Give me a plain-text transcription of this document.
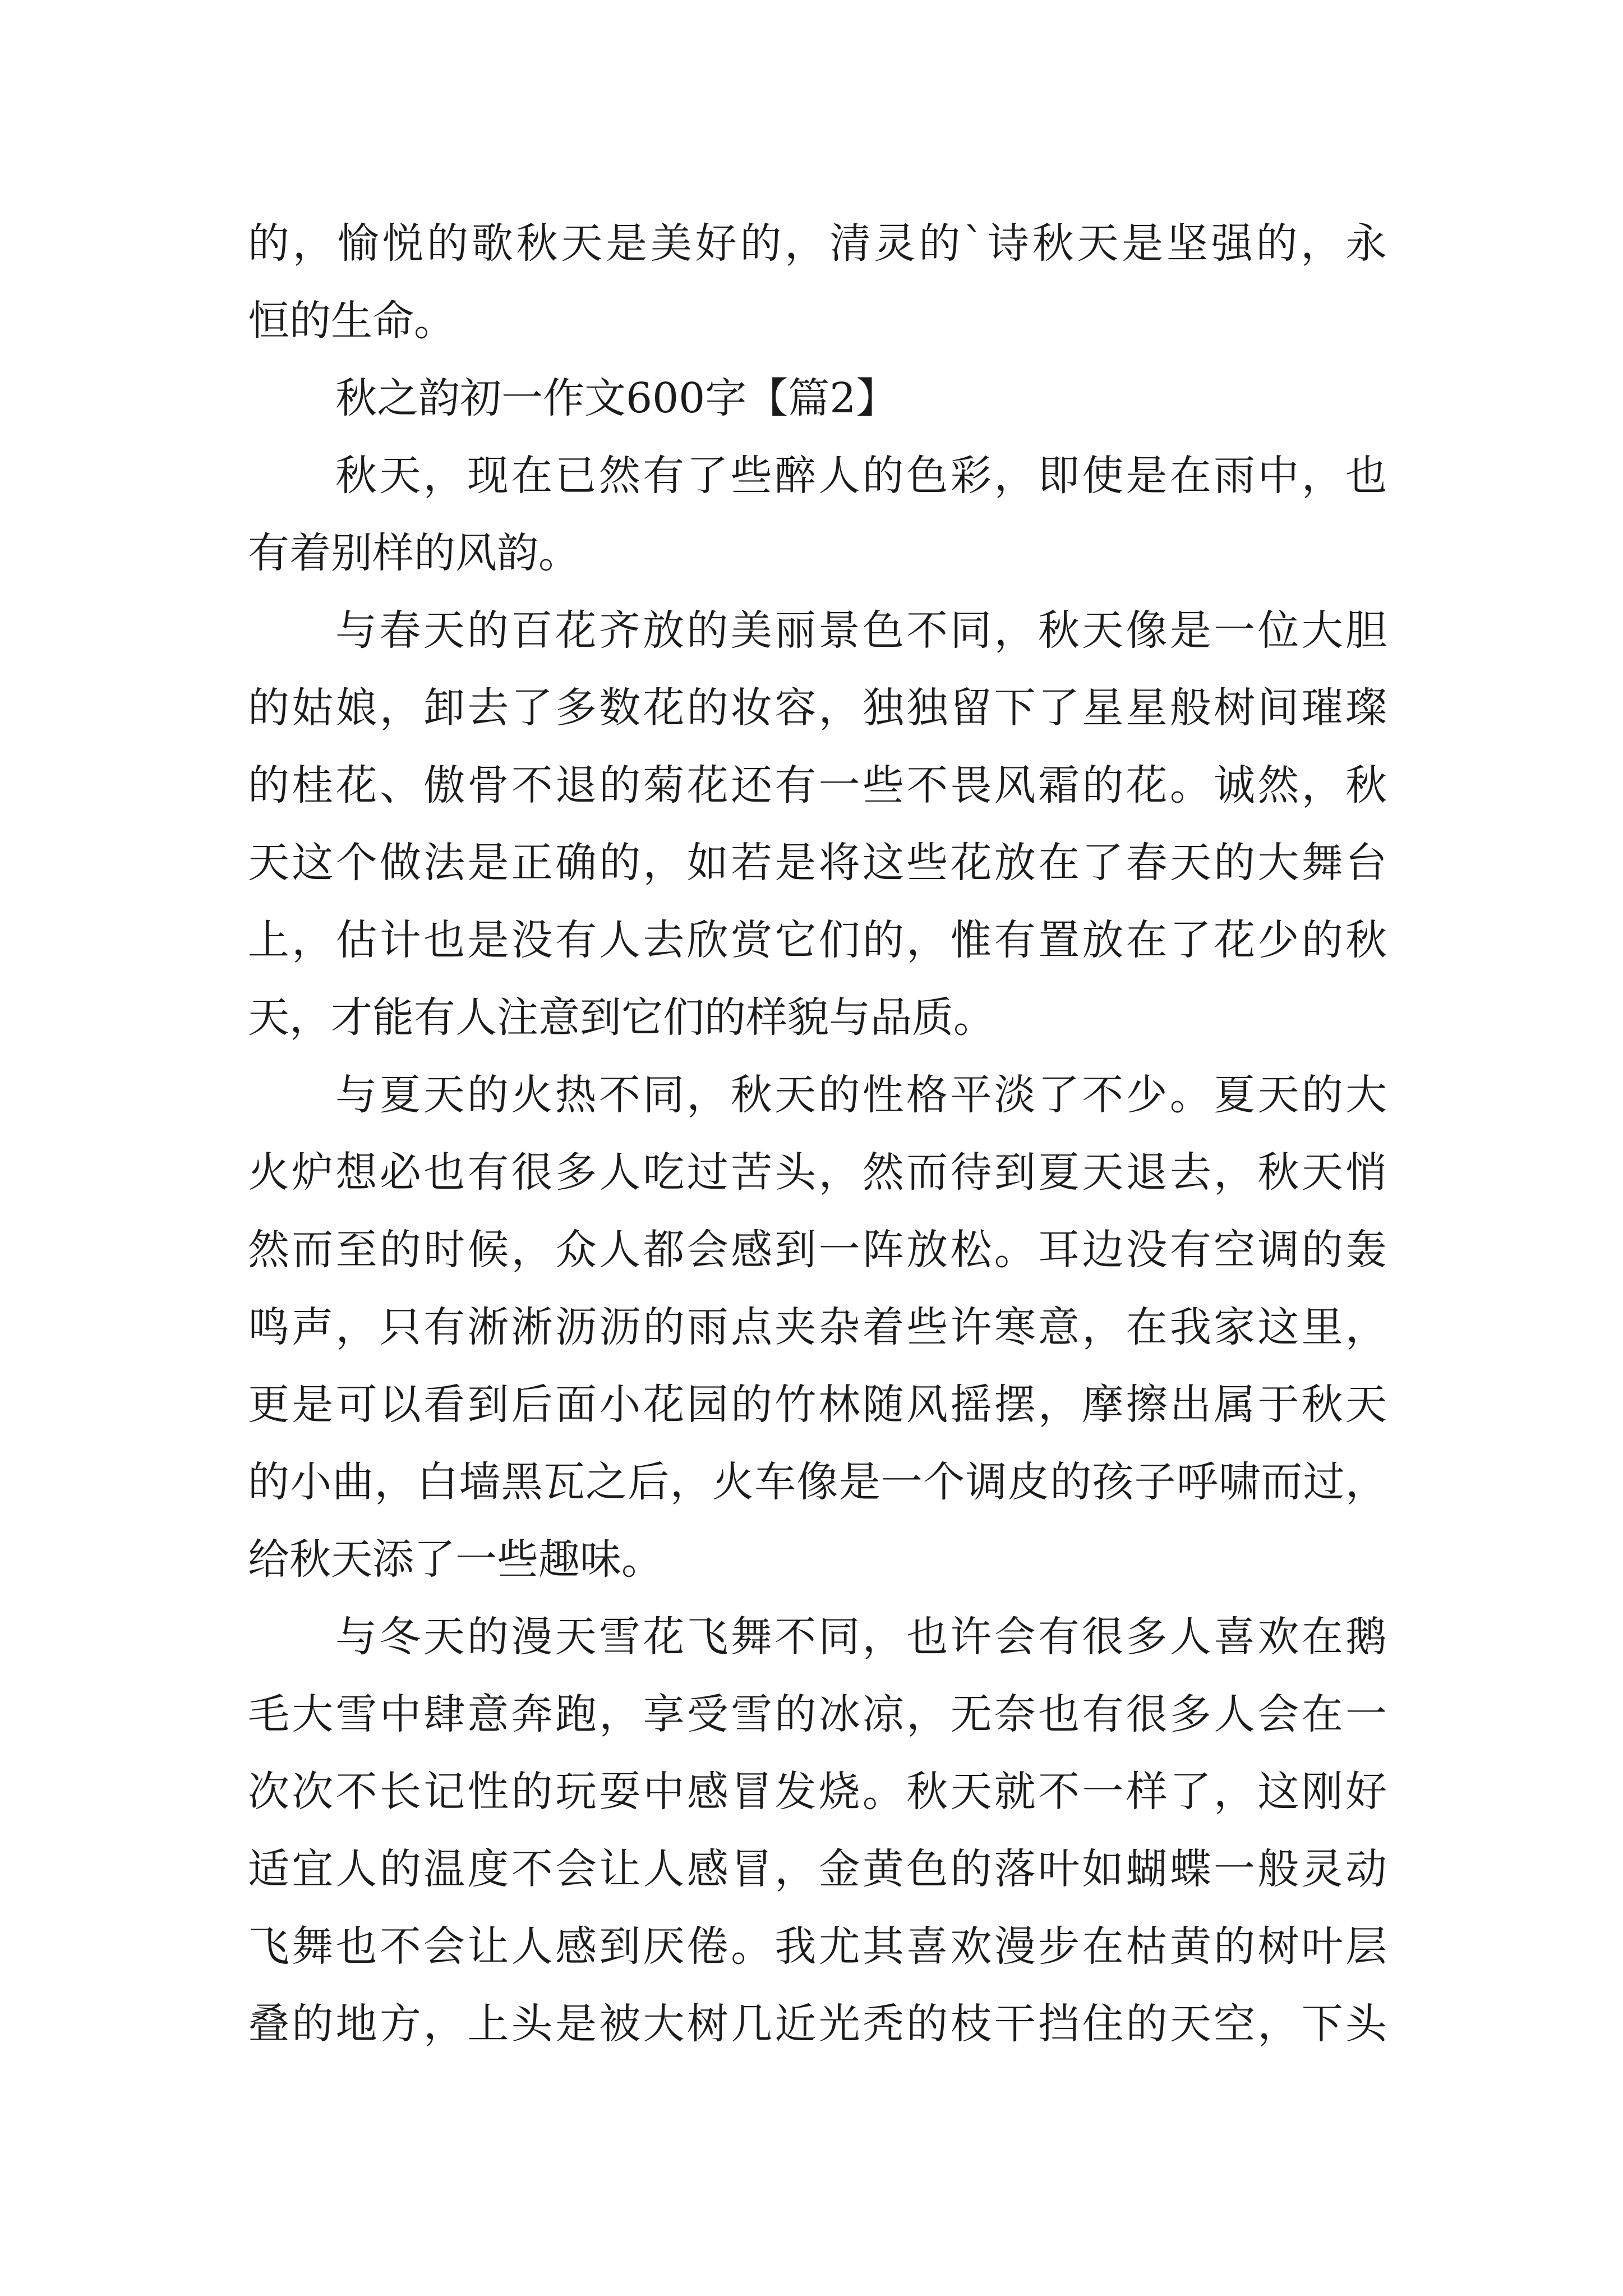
的，愉悦的歌秋天是美好的，清灵的`诗秋天是坚强的，永
恒的生命。
秋之韵初一作文600字【篇2】
秋天，现在已然有了些醉人的色彩，即使是在雨中，也
有着别样的风韵。
与春天的百花齐放的美丽景色不同，秋天像是一位大胆
的姑娘，卸去了多数花的妆容，独独留下了星星般树间璀璨
的桂花、傲骨不退的菊花还有一些不畏风霜的花。诚然，秋
天这个做法是正确的，如若是将这些花放在了春天的大舞台
上，估计也是没有人去欣赏它们的，惟有置放在了花少的秋
天，才能有人注意到它们的样貌与品质。
与夏天的火热不同，秋天的性格平淡了不少。夏天的大
火炉想必也有很多人吃过苦头，然而待到夏天退去，秋天悄
然而至的时候，众人都会感到一阵放松。耳边没有空调的轰
鸣声，只有淅淅沥沥的雨点夹杂着些许寒意，在我家这里，
更是可以看到后面小花园的竹林随风摇摆，摩擦出属于秋天
的小曲，白墙黑瓦之后，火车像是一个调皮的孩子呼啸而过，
给秋天添了一些趣味。
与冬天的漫天雪花飞舞不同，也许会有很多人喜欢在鹅
毛大雪中肆意奔跑，享受雪的冰凉，无奈也有很多人会在一
次次不长记性的玩耍中感冒发烧。秋天就不一样了，这刚好
适宜人的温度不会让人感冒，金黄色的落叶如蝴蝶一般灵动
飞舞也不会让人感到厌倦。我尤其喜欢漫步在枯黄的树叶层
叠的地方，上头是被大树几近光秃的枝干挡住的天空，下头
